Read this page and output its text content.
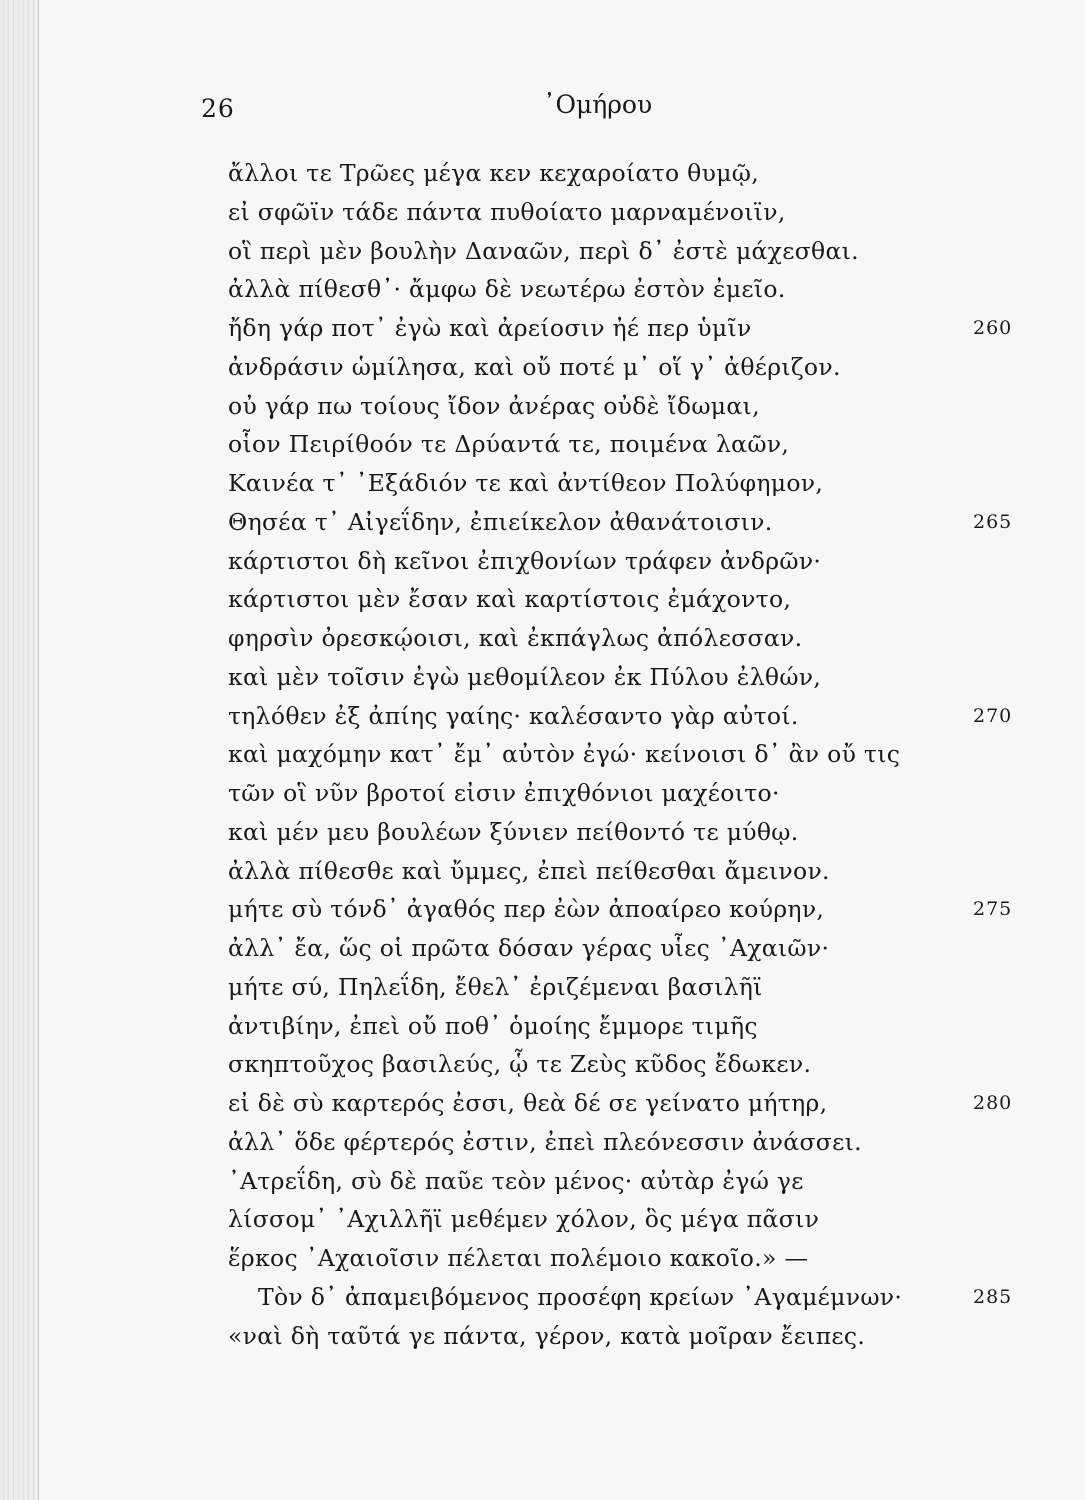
26	᾽Ομήρου
ἄλλοι τε Τρῶες μέγα κεν κεχαροίατο θυμῷ,
εἰ σφῶϊν τάδε πάντα πυθοίατο μαρναμένοιϊν,
οἳ περὶ μὲν βουλὴν Δαναῶν, περὶ δ᾽ ἐστὲ μάχεσθαι.
ἀλλὰ πίθεσθ᾽· ἄμφω δὲ νεωτέρω ἐστὸν ἐμεῖο.
ἤδη γάρ ποτ᾽ ἐγὼ καὶ ἀρείοσιν ἠέ περ ὑμῖν	260
ἀνδράσιν ὡμίλησα, καὶ οὔ ποτέ μ᾽ οἵ γ᾽ ἀθέριζον.
οὐ γάρ πω τοίους ἴδον ἀνέρας οὐδὲ ἴδωμαι,
οἷον Πειρίθοόν τε Δρύαντά τε, ποιμένα λαῶν,
Καινέα τ᾽ ᾽Εξάδιόν τε καὶ ἀντίθεον Πολύφημον,
Θησέα τ᾽ Αἰγεΐδην, ἐπιείκελον ἀθανάτοισιν.	265
κάρτιστοι δὴ κεῖνοι ἐπιχθονίων τράφεν ἀνδρῶν·
κάρτιστοι μὲν ἔσαν καὶ καρτίστοις ἐμάχοντο,
φηρσὶν ὀρεσκῴοισι, καὶ ἐκπάγλως ἀπόλεσσαν.
καὶ μὲν τοῖσιν ἐγὼ μεθομίλεον ἐκ Πύλου ἐλθών,
τηλόθεν ἐξ ἀπίης γαίης· καλέσαντο γὰρ αὐτοί.	270
καὶ μαχόμην κατ᾽ ἔμ᾽ αὐτὸν ἐγώ· κείνοισι δ᾽ ἂν οὔ τις
τῶν οἳ νῦν βροτοί εἰσιν ἐπιχθόνιοι μαχέοιτο·
καὶ μέν μευ βουλέων ξύνιεν πείθοντό τε μύθῳ.
ἀλλὰ πίθεσθε καὶ ὔμμες, ἐπεὶ πείθεσθαι ἄμεινον.
μήτε σὺ τόνδ᾽ ἀγαθός περ ἐὼν ἀποαίρεο κούρην,	275
ἀλλ᾽ ἔα, ὥς οἱ πρῶτα δόσαν γέρας υἷες ᾽Αχαιῶν·
μήτε σύ, Πηλεΐδη, ἔθελ᾽ ἐριζέμεναι βασιλῆϊ
ἀντιβίην, ἐπεὶ οὔ ποθ᾽ ὁμοίης ἔμμορε τιμῆς
σκηπτοῦχος βασιλεύς, ᾧ τε Ζεὺς κῦδος ἔδωκεν.
εἰ δὲ σὺ καρτερός ἐσσι, θεὰ δέ σε γείνατο μήτηρ,	280
ἀλλ᾽ ὅδε φέρτερός ἐστιν, ἐπεὶ πλεόνεσσιν ἀνάσσει.
᾽Ατρεΐδη, σὺ δὲ παῦε τεὸν μένος· αὐτὰρ ἐγώ γε
λίσσομ᾽ ᾽Αχιλλῆϊ μεθέμεν χόλον, ὃς μέγα πᾶσιν
ἕρκος ᾽Αχαιοῖσιν πέλεται πολέμοιο κακοῖο.» —
Τὸν δ᾽ ἀπαμειβόμενος προσέφη κρείων ᾽Αγαμέμνων·	285
«ναὶ δὴ ταῦτά γε πάντα, γέρον, κατὰ μοῖραν ἔειπες.
